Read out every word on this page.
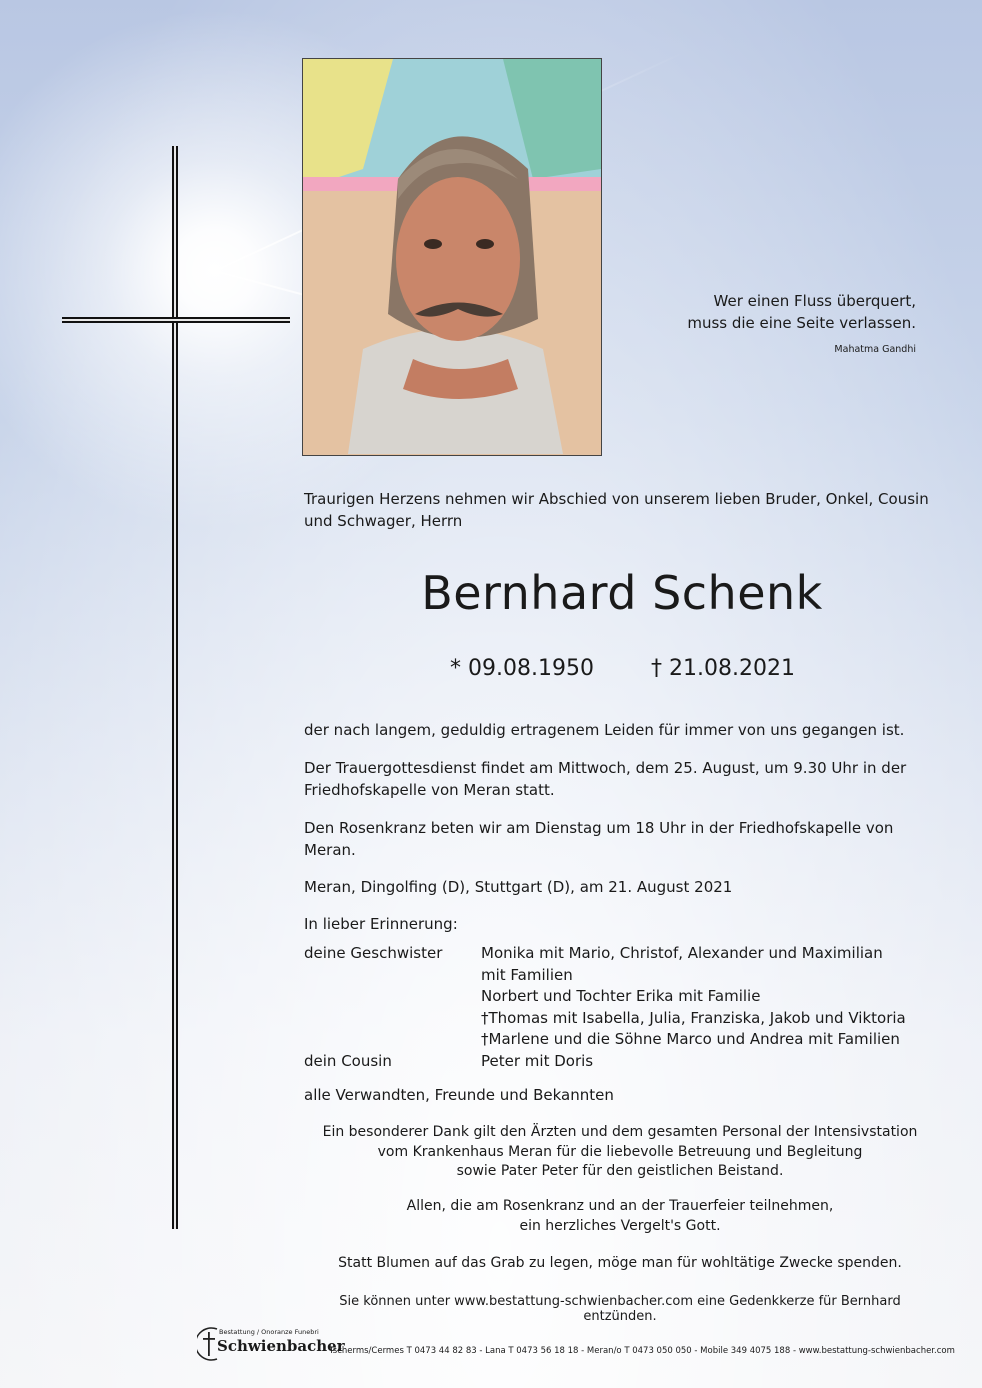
Wer einen Fluss überquert,
muss die eine Seite verlassen.
Mahatma Gandhi
Traurigen Herzens nehmen wir Abschied von unserem lieben Bruder, Onkel, Cousin und Schwager, Herrn
Bernhard Schenk
* 09.08.1950	† 21.08.2021

der nach langem, geduldig ertragenem Leiden für immer von uns gegangen ist.

Der Trauergottesdienst findet am Mittwoch, dem 25. August, um 9.30 Uhr in der Friedhofskapelle von Meran statt.

Den Rosenkranz beten wir am Dienstag um 18 Uhr in der Friedhofskapelle von Meran.

Meran, Dingolfing (D), Stuttgart (D), am 21. August 2021

In lieber Erinnerung:

deine Geschwister	Monika mit Mario, Christof, Alexander und Maximilian
mit Familien
Norbert und Tochter Erika mit Familie
†Thomas mit Isabella, Julia, Franziska, Jakob und Viktoria
†Marlene und die Söhne Marco und Andrea mit Familien
dein Cousin	Peter mit Doris
alle Verwandten, Freunde und Bekannten
Ein besonderer Dank gilt den Ärzten und dem gesamten Personal der Intensivstation
vom Krankenhaus Meran für die liebevolle Betreuung und Begleitung
sowie Pater Peter für den geistlichen Beistand.
Allen, die am Rosenkranz und an der Trauerfeier teilnehmen,
ein herzliches Vergelt's Gott.
Statt Blumen auf das Grab zu legen, möge man für wohltätige Zwecke spenden.
Sie können unter www.bestattung-schwienbacher.com eine Gedenkkerze für Bernhard entzünden.
Bestattung / Onoranze Funebri
Schwienbacher
Tscherms/Cermes T 0473 44 82 83 - Lana T 0473 56 18 18 - Meran/o T 0473 050 050 - Mobile 349 4075 188 - www.bestattung-schwienbacher.com
